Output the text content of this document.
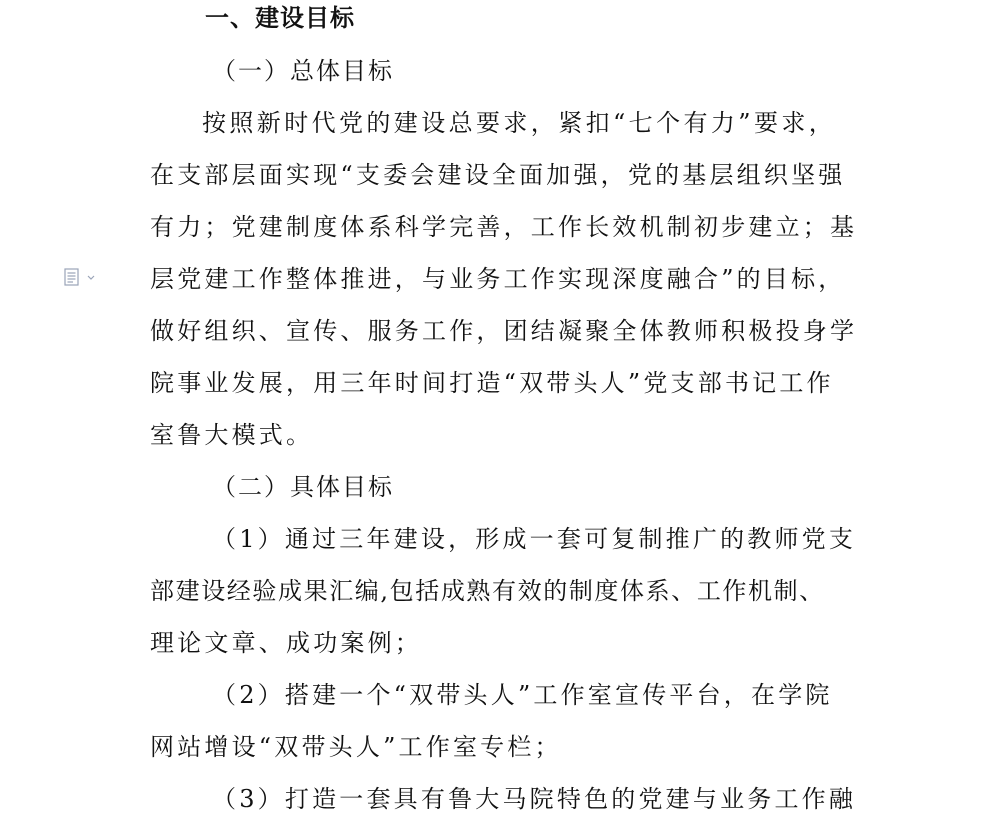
一、建设目标
（一）总体目标
按照新时代党的建设总要求，紧扣“七个有力”要求，
在支部层面实现“支委会建设全面加强，党的基层组织坚强
有力；党建制度体系科学完善，工作长效机制初步建立；基
层党建工作整体推进，与业务工作实现深度融合”的目标，
做好组织、宣传、服务工作，团结凝聚全体教师积极投身学
院事业发展，用三年时间打造“双带头人”党支部书记工作
室鲁大模式。
（二）具体目标
（1）通过三年建设，形成一套可复制推广的教师党支
部建设经验成果汇编,包括成熟有效的制度体系、工作机制、
理论文章、成功案例；
（2）搭建一个“双带头人”工作室宣传平台，在学院
网站增设“双带头人”工作室专栏；
（3）打造一套具有鲁大马院特色的党建与业务工作融
